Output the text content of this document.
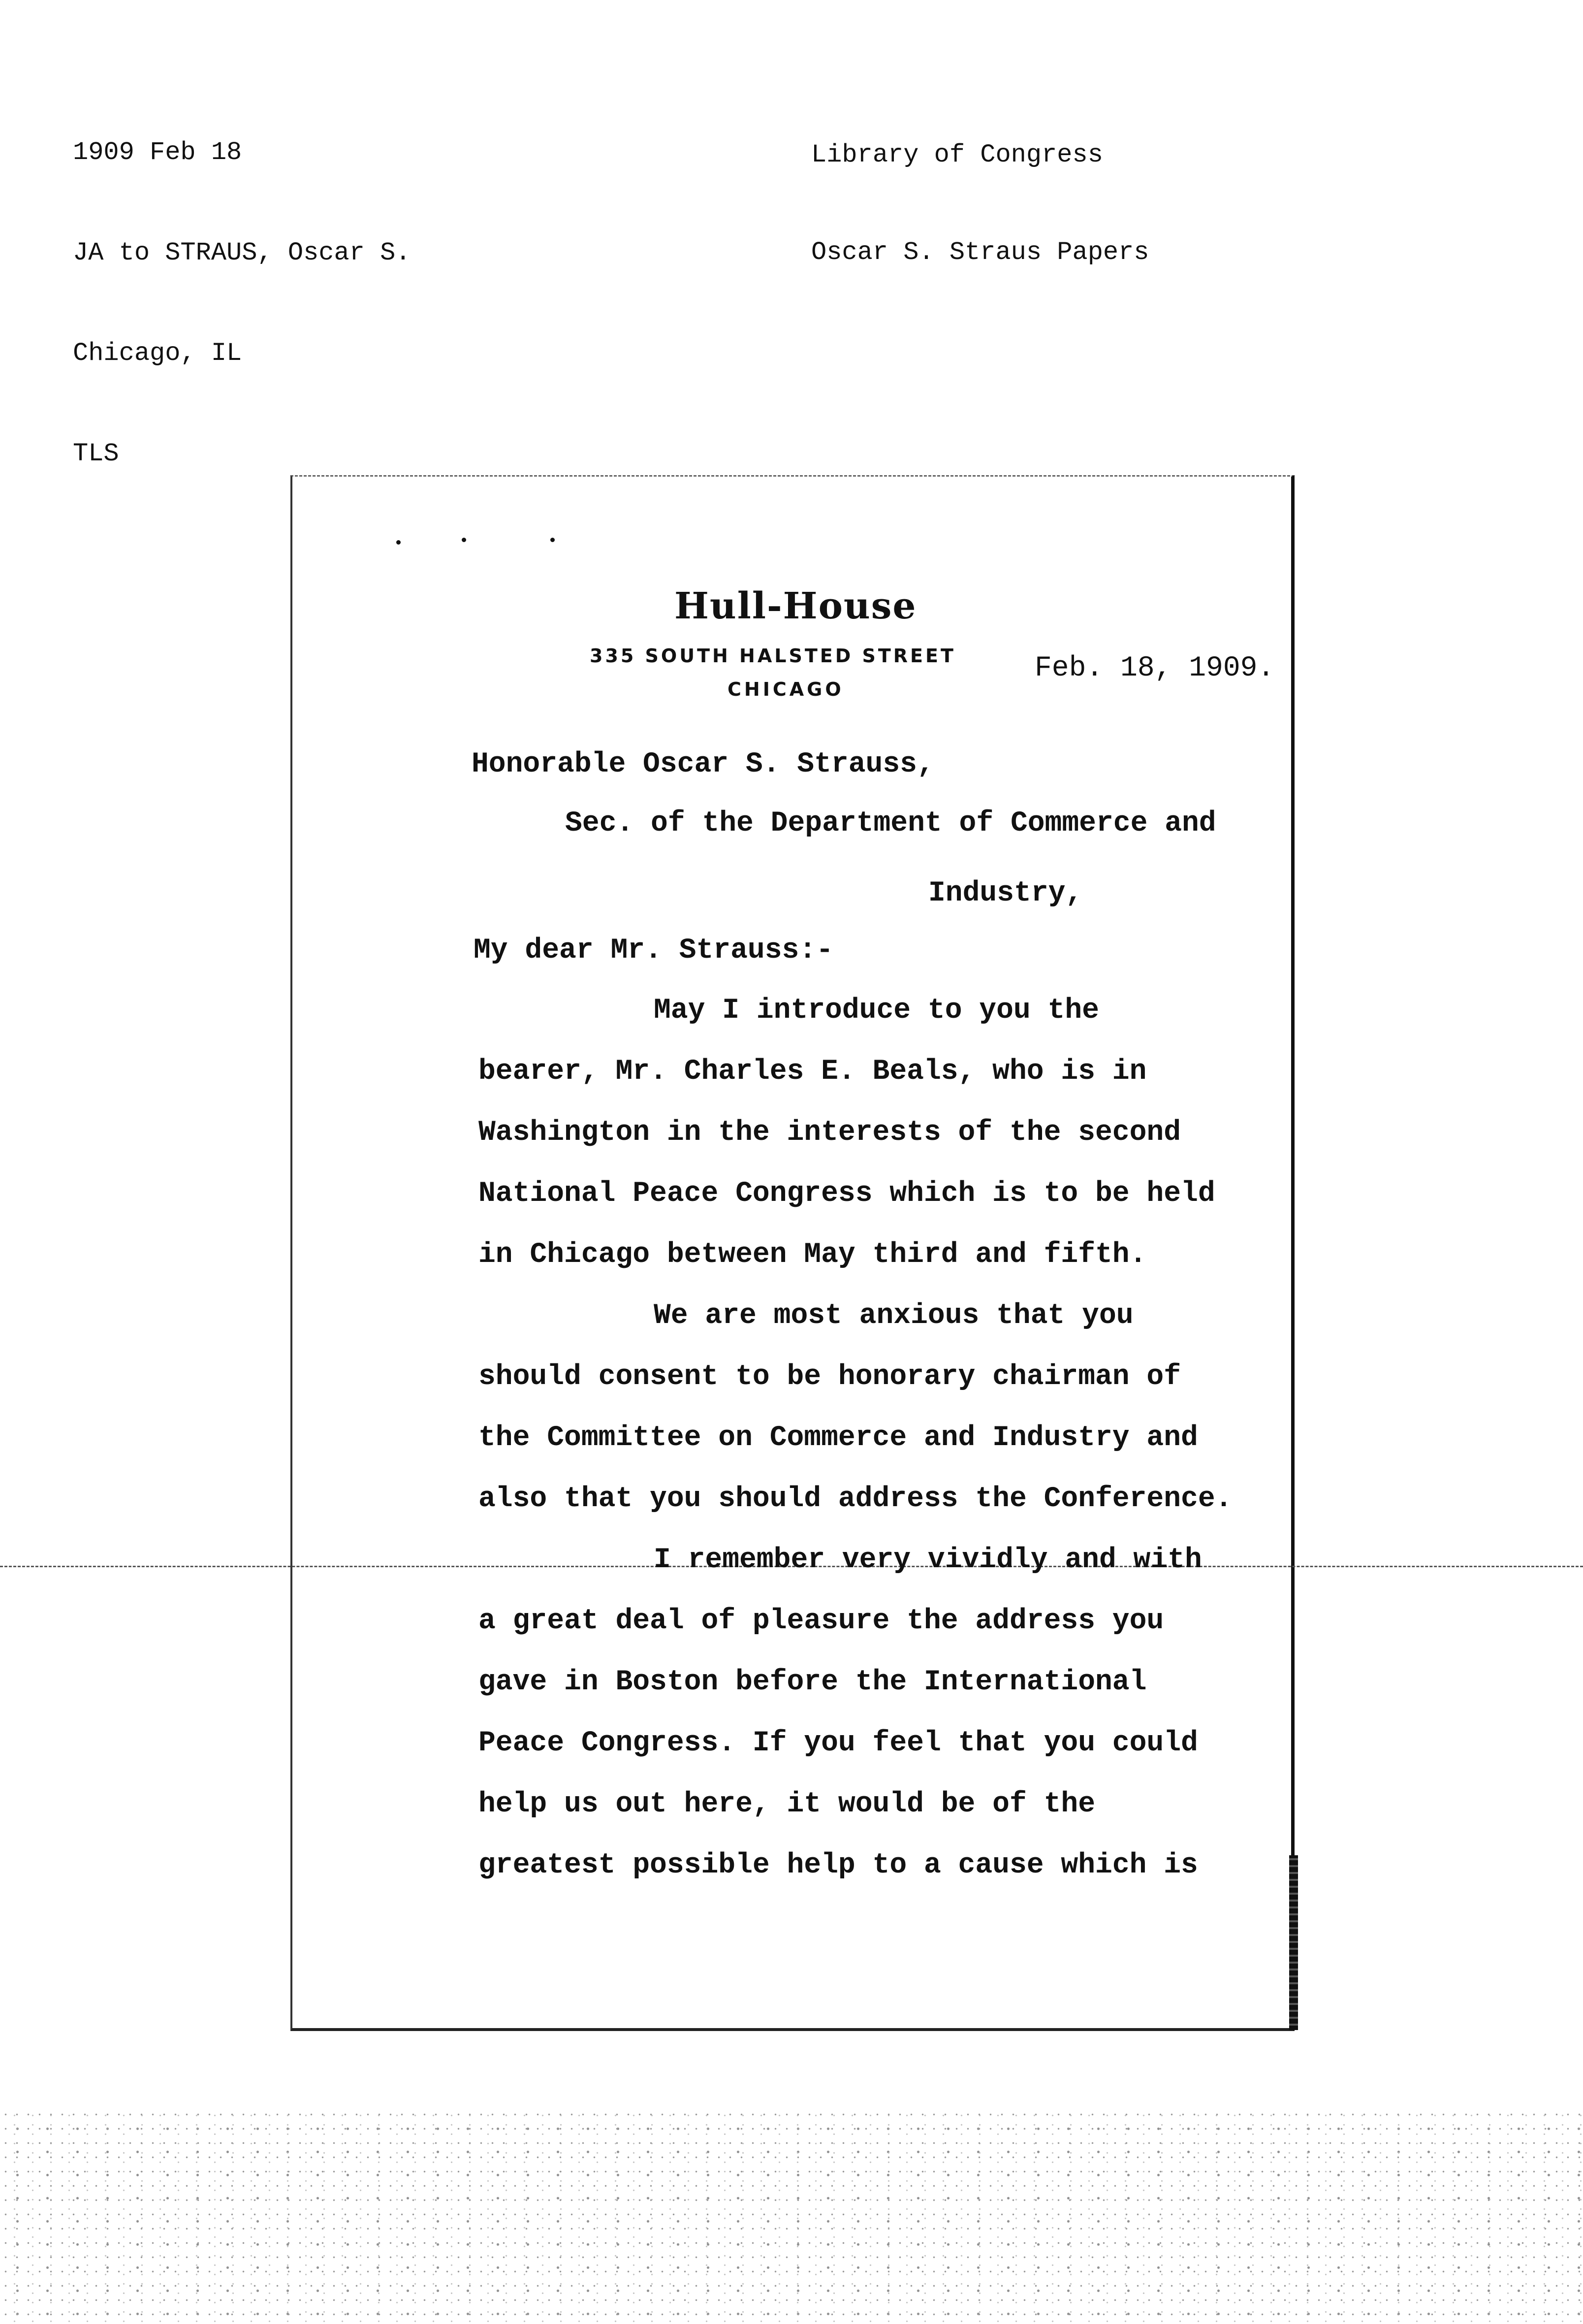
1909 Feb 18

JA to STRAUS, Oscar S.

Chicago, IL

TLS

Library of Congress

Oscar S. Straus Papers

Hull-House
335 SOUTH HALSTED STREET
CHICAGO
Feb. 18, 1909.
Honorable Oscar S. Strauss,
Sec. of the Department of Commerce and
Industry,
My dear Mr. Strauss:-
May I introduce to you the
bearer, Mr. Charles E. Beals, who is in
Washington in the interests of the second
National Peace Congress which is to be held
in Chicago between May third and fifth.
We are most anxious that you
should consent to be honorary chairman of
the Committee on Commerce and Industry and
also that you should address the Conference.
I remember very vividly and with
a great deal of pleasure the address you
gave in Boston before the International
Peace Congress. If you feel that you could
help us out here, it would be of the
greatest possible help to a cause which is
